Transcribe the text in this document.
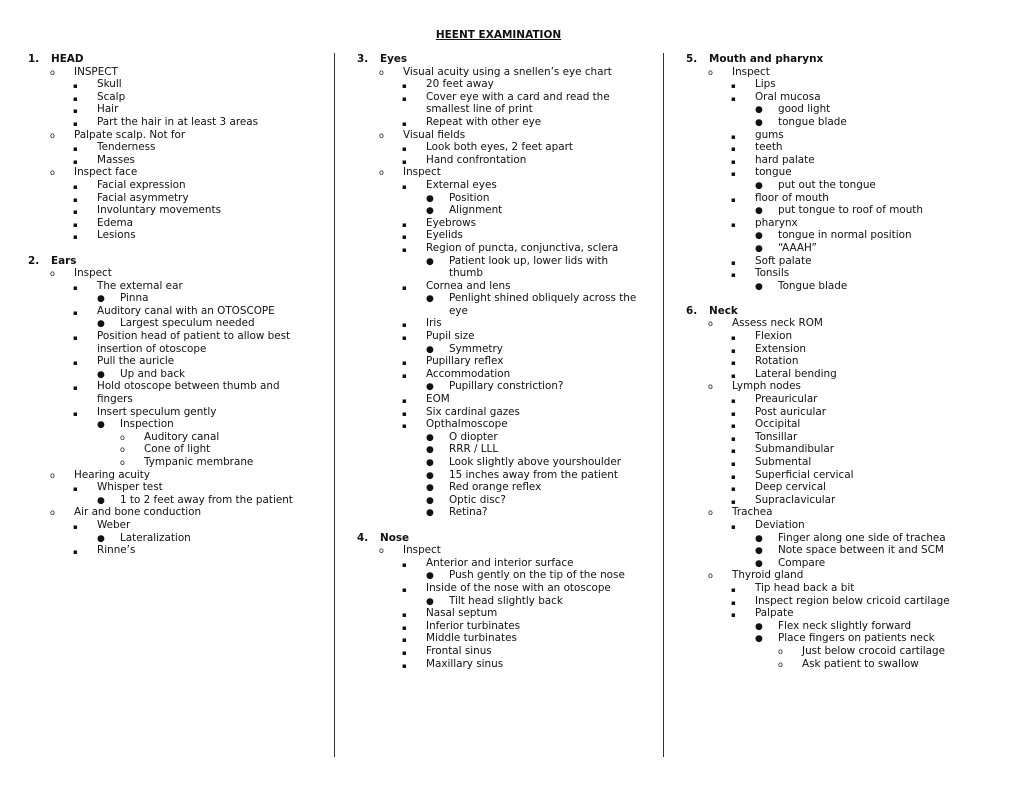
HEENT EXAMINATION
1. HEAD
o INSPECT
▪ Skull
▪ Scalp
▪ Hair
▪ Part the hair in at least 3 areas
o Palpate scalp. Not for
▪ Tenderness
▪ Masses
o Inspect face
▪ Facial expression
▪ Facial asymmetry
▪ Involuntary movements
▪ Edema
▪ Lesions
2. Ears
o Inspect
▪ The external ear
● Pinna
▪ Auditory canal with an OTOSCOPE
● Largest speculum needed
▪ Position head of patient to allow best
insertion of otoscope
▪ Pull the auricle
● Up and back
▪ Hold otoscope between thumb and
fingers
▪ Insert speculum gently
● Inspection
o Auditory canal
o Cone of light
o Tympanic membrane
o Hearing acuity
▪ Whisper test
● 1 to 2 feet away from the patient
o Air and bone conduction
▪ Weber
● Lateralization
▪ Rinne’s
3. Eyes
o Visual acuity using a snellen’s eye chart
▪ 20 feet away
▪ Cover eye with a card and read the
smallest line of print
▪ Repeat with other eye
o Visual fields
▪ Look both eyes, 2 feet apart
▪ Hand confrontation
o Inspect
▪ External eyes
● Position
● Alignment
▪ Eyebrows
▪ Eyelids
▪ Region of puncta, conjunctiva, sclera
● Patient look up, lower lids with
thumb
▪ Cornea and lens
● Penlight shined obliquely across the
eye
▪ Iris
▪ Pupil size
● Symmetry
▪ Pupillary reflex
▪ Accommodation
● Pupillary constriction?
▪ EOM
▪ Six cardinal gazes
▪ Opthalmoscope
● O diopter
● RRR / LLL
● Look slightly above yourshoulder
● 15 inches away from the patient
● Red orange reflex
● Optic disc?
● Retina?
4. Nose
o Inspect
▪ Anterior and interior surface
● Push gently on the tip of the nose
▪ Inside of the nose with an otoscope
● Tilt head slightly back
▪ Nasal septum
▪ Inferior turbinates
▪ Middle turbinates
▪ Frontal sinus
▪ Maxillary sinus
5. Mouth and pharynx
o Inspect
▪ Lips
▪ Oral mucosa
● good light
● tongue blade
▪ gums
▪ teeth
▪ hard palate
▪ tongue
● put out the tongue
▪ floor of mouth
● put tongue to roof of mouth
▪ pharynx
● tongue in normal position
● “AAAH”
▪ Soft palate
▪ Tonsils
● Tongue blade
6. Neck
o Assess neck ROM
▪ Flexion
▪ Extension
▪ Rotation
▪ Lateral bending
o Lymph nodes
▪ Preauricular
▪ Post auricular
▪ Occipital
▪ Tonsillar
▪ Submandibular
▪ Submental
▪ Superficial cervical
▪ Deep cervical
▪ Supraclavicular
o Trachea
▪ Deviation
● Finger along one side of trachea
● Note space between it and SCM
● Compare
o Thyroid gland
▪ Tip head back a bit
▪ Inspect region below cricoid cartilage
▪ Palpate
● Flex neck slightly forward
● Place fingers on patients neck
o Just below crocoid cartilage
o Ask patient to swallow
